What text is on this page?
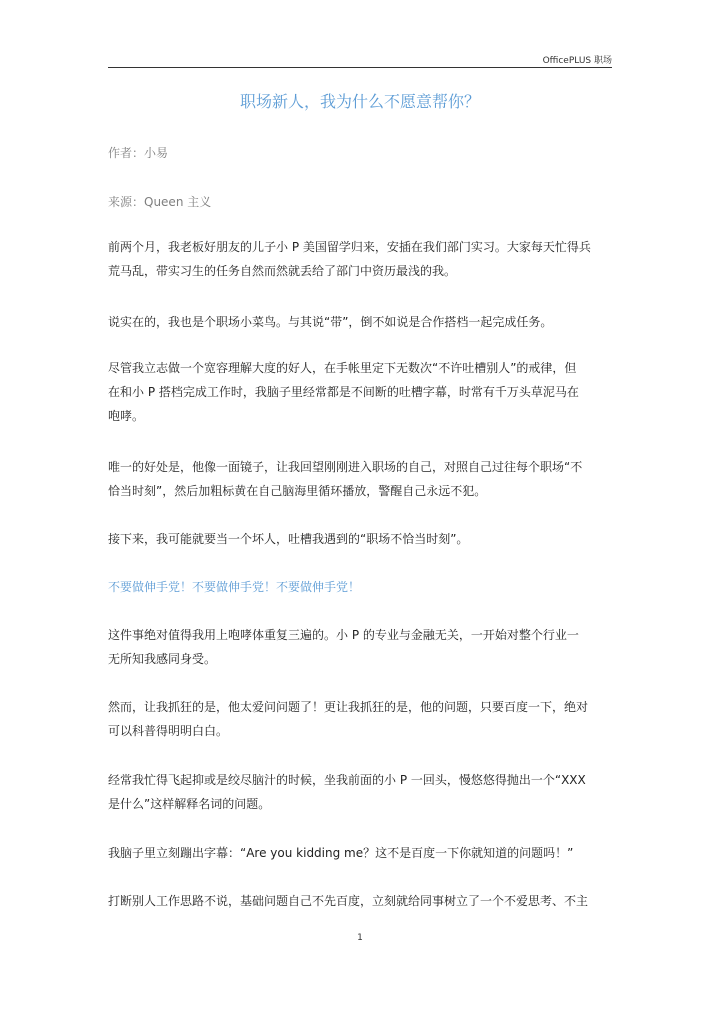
OfficePLUS 职场
职场新人，我为什么不愿意帮你？
作者：小易
来源：Queen 主义
前两个月，我老板好朋友的儿子小 P 美国留学归来，安插在我们部门实习。大家每天忙得兵
荒马乱，带实习生的任务自然而然就丢给了部门中资历最浅的我。
说实在的，我也是个职场小菜鸟。与其说“带”，倒不如说是合作搭档一起完成任务。
尽管我立志做一个宽容理解大度的好人，在手帐里定下无数次“不许吐槽别人”的戒律，但
在和小 P 搭档完成工作时，我脑子里经常都是不间断的吐槽字幕，时常有千万头草泥马在
咆哮。
唯一的好处是，他像一面镜子，让我回望刚刚进入职场的自己，对照自己过往每个职场“不
恰当时刻”，然后加粗标黄在自己脑海里循环播放，警醒自己永远不犯。
接下来，我可能就要当一个坏人，吐槽我遇到的“职场不恰当时刻”。
不要做伸手党！不要做伸手党！不要做伸手党！
这件事绝对值得我用上咆哮体重复三遍的。小 P 的专业与金融无关，一开始对整个行业一
无所知我感同身受。
然而，让我抓狂的是，他太爱问问题了！更让我抓狂的是，他的问题，只要百度一下，绝对
可以科普得明明白白。
经常我忙得飞起抑或是绞尽脑汁的时候，坐我前面的小 P 一回头，慢悠悠得抛出一个“XXX
是什么”这样解释名词的问题。
我脑子里立刻蹦出字幕：“Are you kidding me？这不是百度一下你就知道的问题吗！”
打断别人工作思路不说，基础问题自己不先百度，立刻就给同事树立了一个不爱思考、不主
1
